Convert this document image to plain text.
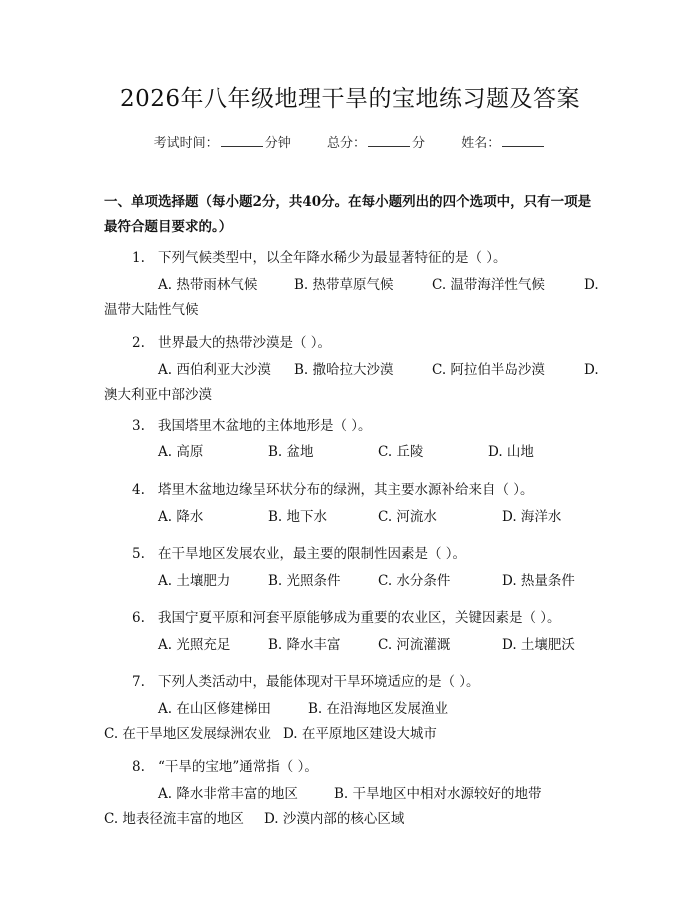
2026年八年级地理干旱的宝地练习题及答案
考试时间：	分钟	总分：	分	姓名：
一、单项选择题（每小题2分，共40分。在每小题列出的四个选项中，只有一项是最符合题目要求的。）
1. 下列气候类型中，以全年降水稀少为最显著特征的是（ ）。
A. 热带雨林气候	B. 热带草原气候	C. 温带海洋性气候	D. 温带大陆性气候
2. 世界最大的热带沙漠是（ ）。
A. 西伯利亚大沙漠 B. 撒哈拉大沙漠	C. 阿拉伯半岛沙漠	D. 澳大利亚中部沙漠
3. 我国塔里木盆地的主体地形是（ ）。
A. 高原	B. 盆地	C. 丘陵	D. 山地
4. 塔里木盆地边缘呈环状分布的绿洲，其主要水源补给来自（ ）。
A. 降水	B. 地下水	C. 河流水	D. 海洋水
5. 在干旱地区发展农业，最主要的限制性因素是（ ）。
A. 土壤肥力	B. 光照条件	C. 水分条件	D. 热量条件
6. 我国宁夏平原和河套平原能够成为重要的农业区，关键因素是（ ）。
A. 光照充足	B. 降水丰富	C. 河流灌溉	D. 土壤肥沃
7. 下列人类活动中，最能体现对干旱环境适应的是（ ）。
A. 在山区修建梯田	B. 在沿海地区发展渔业C. 在干旱地区发展绿洲农业 D. 在平原地区建设大城市
8. “干旱的宝地”通常指（ ）。
A. 降水非常丰富的地区	B. 干旱地区中相对水源较好的地带C. 地表径流丰富的地区 D. 沙漠内部的核心区域
